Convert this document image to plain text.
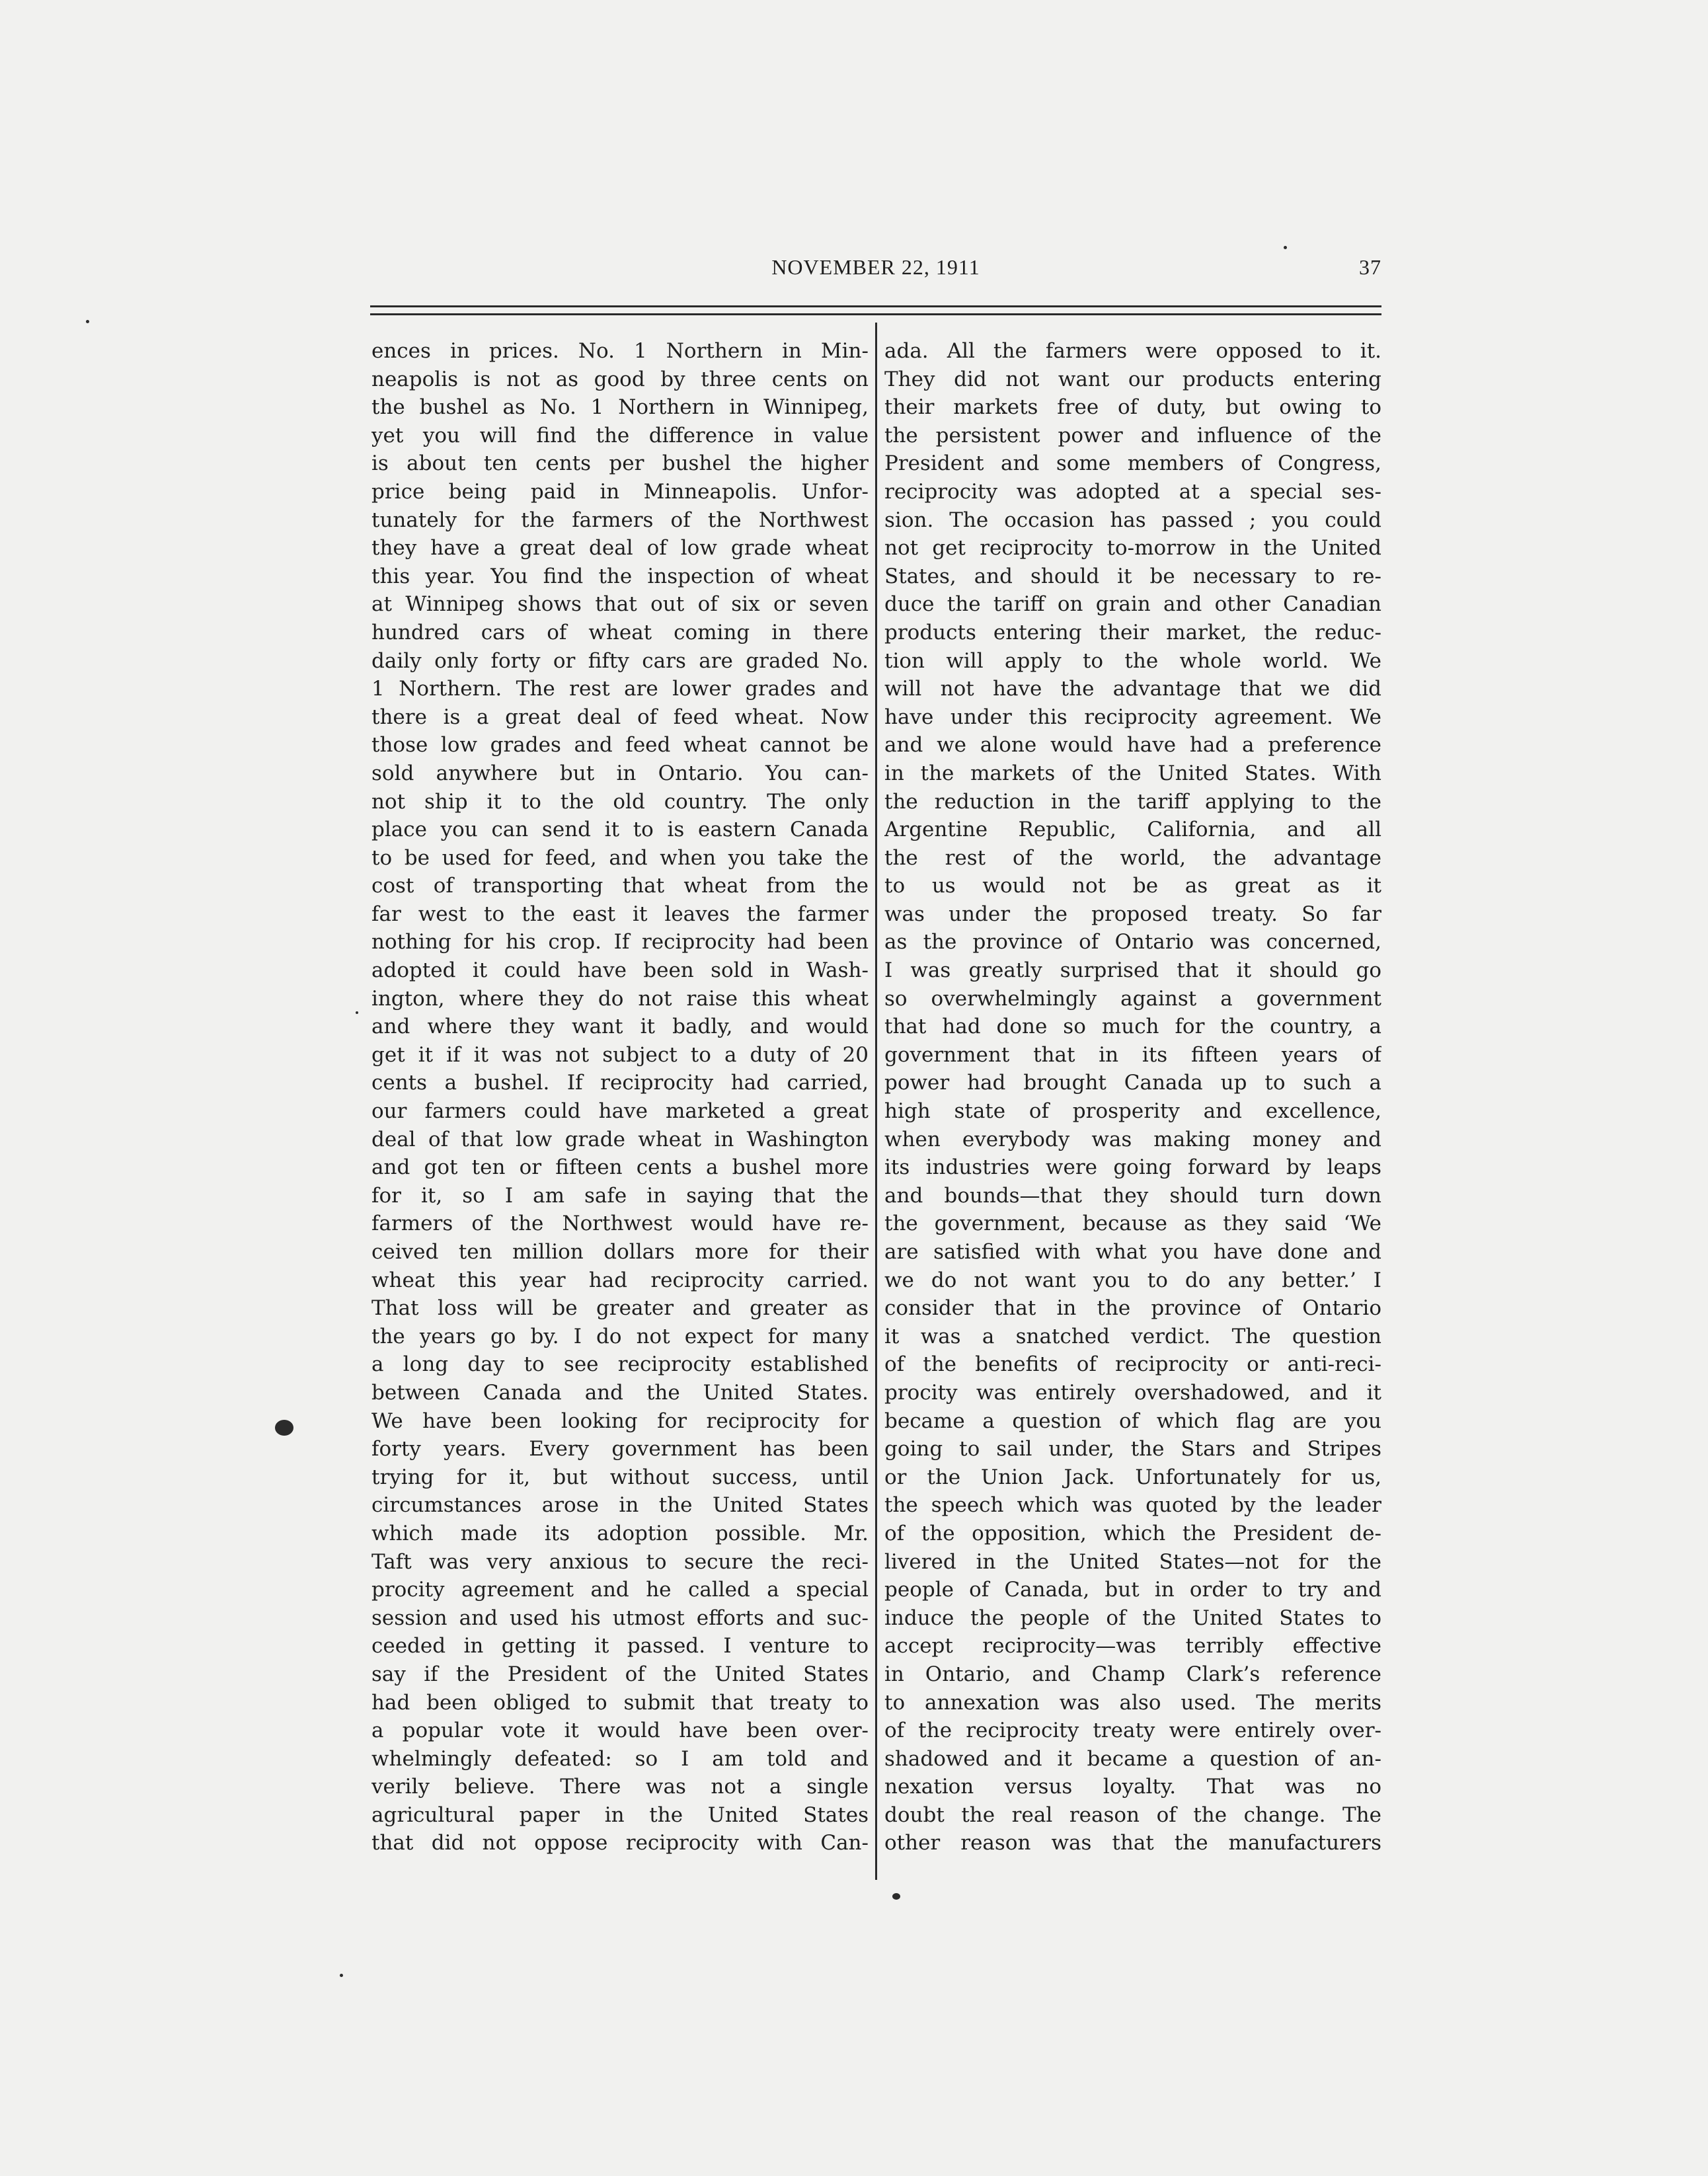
NOVEMBER 22, 1911	37
ences in prices. No. 1 Northern in Min-
neapolis is not as good by three cents on
the bushel as No. 1 Northern in Winnipeg,
yet you will find the difference in value
is about ten cents per bushel the higher
price being paid in Minneapolis. Unfor-
tunately for the farmers of the Northwest
they have a great deal of low grade wheat
this year. You find the inspection of wheat
at Winnipeg shows that out of six or seven
hundred cars of wheat coming in there
daily only forty or fifty cars are graded No.
1 Northern. The rest are lower grades and
there is a great deal of feed wheat. Now
those low grades and feed wheat cannot be
sold anywhere but in Ontario. You can-
not ship it to the old country. The only
place you can send it to is eastern Canada
to be used for feed, and when you take the
cost of transporting that wheat from the
far west to the east it leaves the farmer
nothing for his crop. If reciprocity had been
adopted it could have been sold in Wash-
ington, where they do not raise this wheat
and where they want it badly, and would
get it if it was not subject to a duty of 20
cents a bushel. If reciprocity had carried,
our farmers could have marketed a great
deal of that low grade wheat in Washington
and got ten or fifteen cents a bushel more
for it, so I am safe in saying that the
farmers of the Northwest would have re-
ceived ten million dollars more for their
wheat this year had reciprocity carried.
That loss will be greater and greater as
the years go by. I do not expect for many
a long day to see reciprocity established
between Canada and the United States.
We have been looking for reciprocity for
forty years. Every government has been
trying for it, but without success, until
circumstances arose in the United States
which made its adoption possible. Mr.
Taft was very anxious to secure the reci-
procity agreement and he called a special
session and used his utmost efforts and suc-
ceeded in getting it passed. I venture to
say if the President of the United States
had been obliged to submit that treaty to
a popular vote it would have been over-
whelmingly defeated: so I am told and
verily believe. There was not a single
agricultural paper in the United States
that did not oppose reciprocity with Can-
ada. All the farmers were opposed to it.
They did not want our products entering
their markets free of duty, but owing to
the persistent power and influence of the
President and some members of Congress,
reciprocity was adopted at a special ses-
sion. The occasion has passed ; you could
not get reciprocity to-morrow in the United
States, and should it be necessary to re-
duce the tariff on grain and other Canadian
products entering their market, the reduc-
tion will apply to the whole world. We
will not have the advantage that we did
have under this reciprocity agreement. We
and we alone would have had a preference
in the markets of the United States. With
the reduction in the tariff applying to the
Argentine Republic, California, and all
the rest of the world, the advantage
to us would not be as great as it
was under the proposed treaty. So far
as the province of Ontario was concerned,
I was greatly surprised that it should go
so overwhelmingly against a government
that had done so much for the country, a
government that in its fifteen years of
power had brought Canada up to such a
high state of prosperity and excellence,
when everybody was making money and
its industries were going forward by leaps
and bounds—that they should turn down
the government, because as they said ‘We
are satisfied with what you have done and
we do not want you to do any better.’ I
consider that in the province of Ontario
it was a snatched verdict. The question
of the benefits of reciprocity or anti-reci-
procity was entirely overshadowed, and it
became a question of which flag are you
going to sail under, the Stars and Stripes
or the Union Jack. Unfortunately for us,
the speech which was quoted by the leader
of the opposition, which the President de-
livered in the United States—not for the
people of Canada, but in order to try and
induce the people of the United States to
accept reciprocity—was terribly effective
in Ontario, and Champ Clark’s reference
to annexation was also used. The merits
of the reciprocity treaty were entirely over-
shadowed and it became a question of an-
nexation versus loyalty. That was no
doubt the real reason of the change. The
other reason was that the manufacturers
